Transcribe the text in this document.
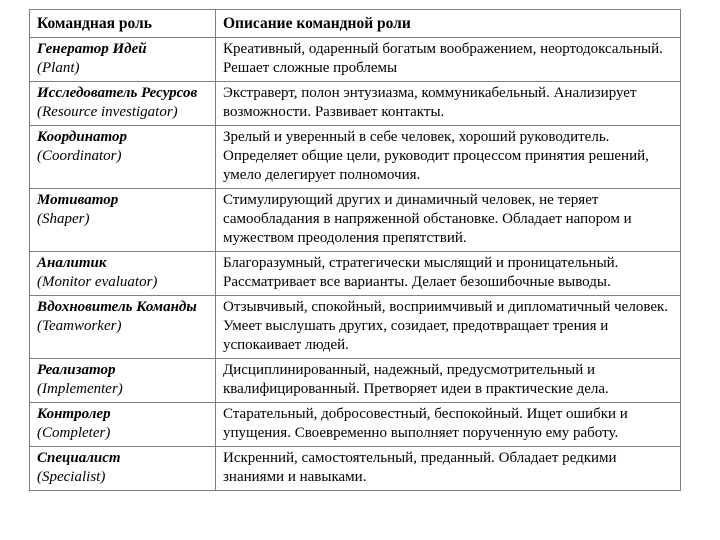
Командная роль	Описание командной роли

Генератор Идей
(Plant)	Креативный, одаренный богатым воображением, неортодоксальный. Решает сложные проблемы

Исследователь Ресурсов
(Resource investigator)	Экстраверт, полон энтузиазма, коммуникабельный. Анализирует возможности. Развивает контакты.

Координатор
(Coordinator)	Зрелый и уверенный в себе человек, хороший руководитель. Определяет общие цели, руководит процессом принятия решений, умело делегирует полномочия.

Мотиватор
(Shaper)	Стимулирующий других и динамичный человек, не теряет самообладания в напряженной обстановке. Обладает напором и мужеством преодоления препятствий.

Аналитик
(Monitor evaluator)	Благоразумный, стратегически мыслящий и проницательный. Рассматривает все варианты. Делает безошибочные выводы.

Вдохновитель Команды
(Teamworker)	Отзывчивый, спокойный, восприимчивый и дипломатичный человек. Умеет выслушать других, созидает, предотвращает трения и успокаивает людей.

Реализатор
(Implementer)	Дисциплинированный, надежный, предусмотрительный и квалифицированный. Претворяет идеи в практические дела.

Контролер
(Completer)	Старательный, добросовестный, беспокойный. Ищет ошибки и упущения. Своевременно выполняет порученную ему работу.

Специалист
(Specialist)	Искренний, самостоятельный, преданный. Обладает редкими знаниями и навыками.
